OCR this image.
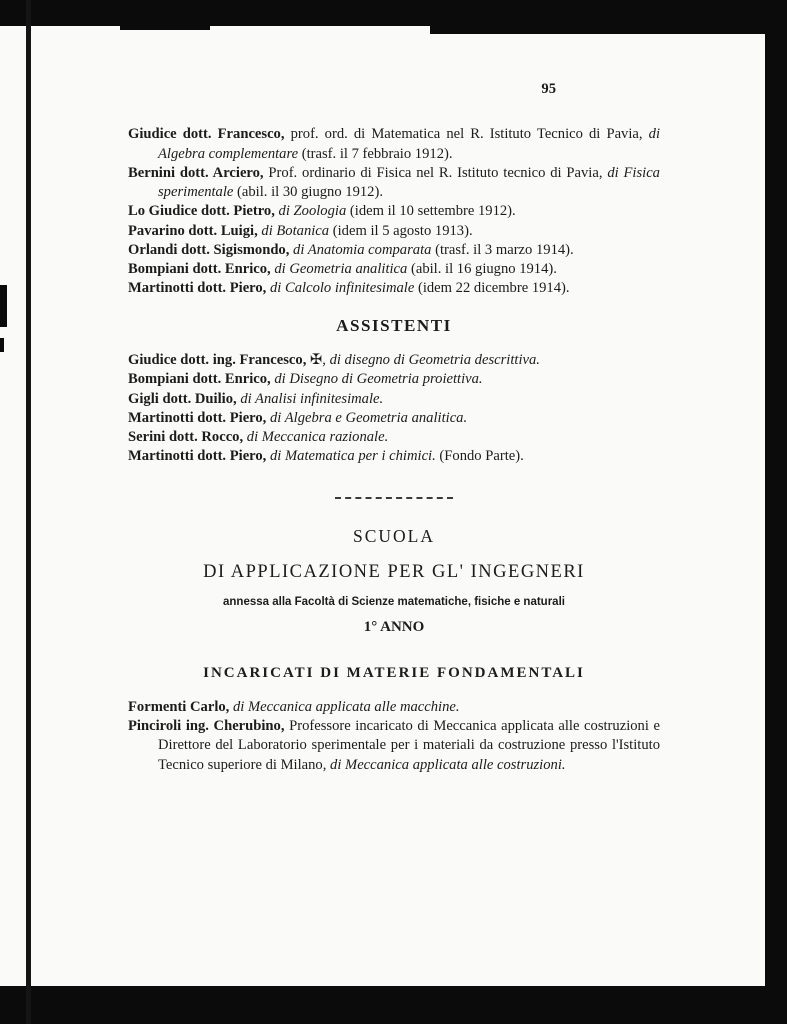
95

Giudice dott. Francesco, prof. ord. di Matematica nel R. Istituto Tecnico di Pavia, di Algebra complementare (trasf. il 7 febbraio 1912).

Bernini dott. Arciero, Prof. ordinario di Fisica nel R. Istituto tecnico di Pavia, di Fisica sperimentale (abil. il 30 giugno 1912).

Lo Giudice dott. Pietro, di Zoologia (idem il 10 settembre 1912).

Pavarino dott. Luigi, di Botanica (idem il 5 agosto 1913).

Orlandi dott. Sigismondo, di Anatomia comparata (trasf. il 3 marzo 1914).

Bompiani dott. Enrico, di Geometria analitica (abil. il 16 giugno 1914).

Martinotti dott. Piero, di Calcolo infinitesimale (idem 22 dicembre 1914).

ASSISTENTI

Giudice dott. ing. Francesco, ✠, di disegno di Geometria descrittiva.

Bompiani dott. Enrico, di Disegno di Geometria proiettiva.

Gigli dott. Duilio, di Analisi infinitesimale.

Martinotti dott. Piero, di Algebra e Geometria analitica.

Serini dott. Rocco, di Meccanica razionale.

Martinotti dott. Piero, di Matematica per i chimici. (Fondo Parte).

SCUOLA
DI APPLICAZIONE PER GL' INGEGNERI

annessa alla Facoltà di Scienze matematiche, fisiche e naturali

1° ANNO

INCARICATI DI MATERIE FONDAMENTALI

Formenti Carlo, di Meccanica applicata alle macchine.

Pinciroli ing. Cherubino, Professore incaricato di Meccanica applicata alle costruzioni e Direttore del Laboratorio sperimentale per i materiali da costruzione presso l'Istituto Tecnico superiore di Milano, di Meccanica applicata alle costruzioni.
